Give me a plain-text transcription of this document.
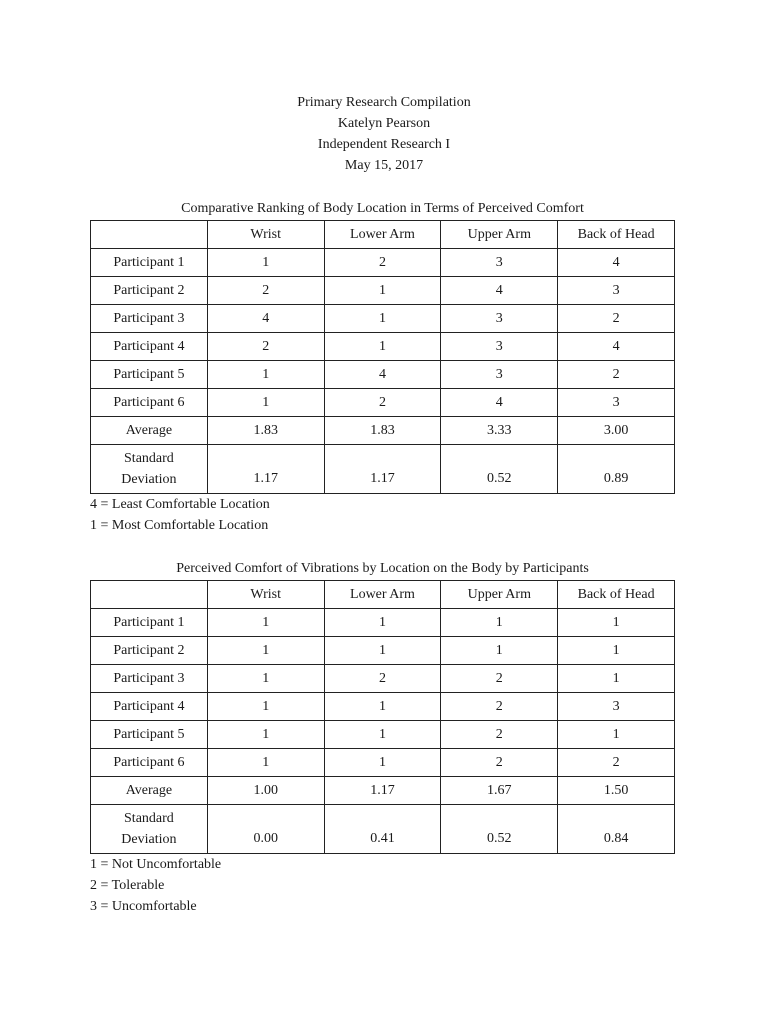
Primary Research Compilation
Katelyn Pearson
Independent Research I
May 15, 2017
Comparative Ranking of Body Location in Terms of Perceived Comfort
	Wrist	Lower Arm	Upper Arm	Back of Head
Participant 1	1	2	3	4
Participant 2	2	1	4	3
Participant 3	4	1	3	2
Participant 4	2	1	3	4
Participant 5	1	4	3	2
Participant 6	1	2	4	3
Average	1.83	1.83	3.33	3.00

Standard
Deviation	1.17	1.17	0.52	0.89
4 = Least Comfortable Location
1 = Most Comfortable Location
Perceived Comfort of Vibrations by Location on the Body by Participants
	Wrist	Lower Arm	Upper Arm	Back of Head
Participant 1	1	1	1	1
Participant 2	1	1	1	1
Participant 3	1	2	2	1
Participant 4	1	1	2	3
Participant 5	1	1	2	1
Participant 6	1	1	2	2
Average	1.00	1.17	1.67	1.50

Standard
Deviation	0.00	0.41	0.52	0.84
1 = Not Uncomfortable
2 = Tolerable
3 = Uncomfortable
